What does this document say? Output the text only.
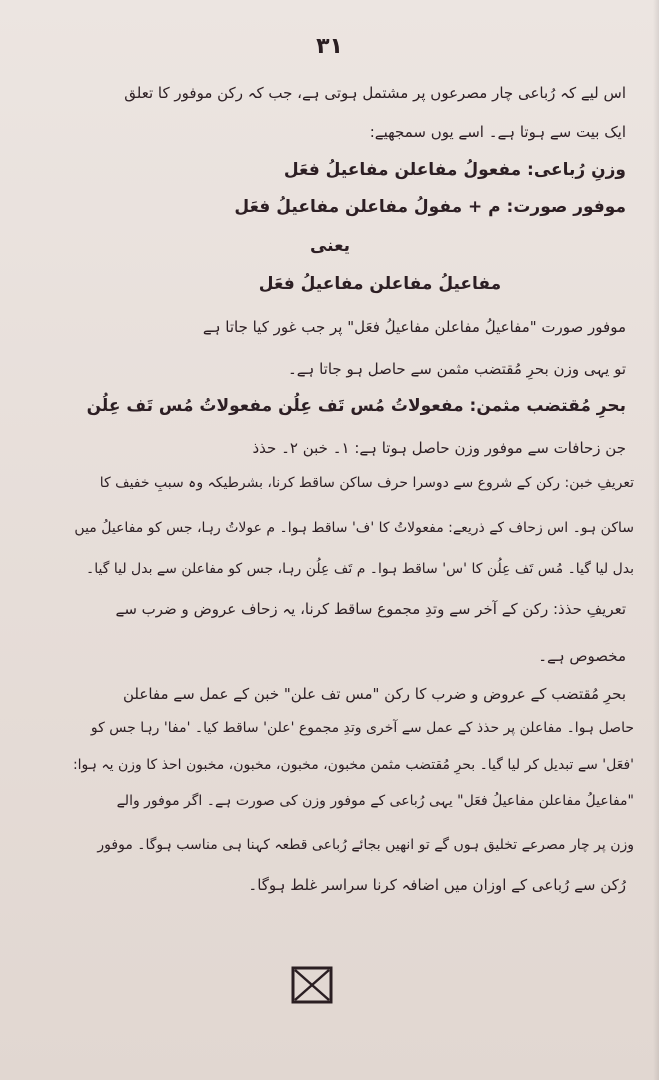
۳۱
اس لیے کہ رُباعی چار مصرعوں پر مشتمل ہوتی ہے، جب کہ رکن موفور کا تعلق
ایک بیت سے ہوتا ہے۔ اسے یوں سمجھیے:
وزنِ رُباعی: مفعولُ مفاعلن مفاعیلُ فعَل
موفور صورت: م + مفولُ مفاعلن مفاعیلُ فعَل
یعنی
مفاعیلُ مفاعلن مفاعیلُ فعَل
موفور صورت "مفاعیلُ مفاعلن مفاعیلُ فعَل" پر جب غور کیا جاتا ہے
تو یہی وزن بحرِ مُقتضب مثمن سے حاصل ہو جاتا ہے۔
بحرِ مُقتضب مثمن: مفعولاتُ مُس تَف عِلُن مفعولاتُ مُس تَف عِلُن
جن زحافات سے موفور وزن حاصل ہوتا ہے: ۱۔ خبن ۲۔ حذذ
تعریفِ خبن: رکن کے شروع سے دوسرا حرف ساکن ساقط کرنا، بشرطیکہ وہ سببِ خفیف کا
ساکن ہو۔ اس زحاف کے ذریعے: مفعولاتُ کا 'ف' ساقط ہوا۔ م عولاتُ رہا، جس کو مفاعیلُ میں
بدل لیا گیا۔ مُس تَف عِلُن کا 'س' ساقط ہوا۔ م تَف عِلُن رہا، جس کو مفاعلن سے بدل لیا گیا۔
تعریفِ حذذ: رکن کے آخر سے وتدِ مجموع ساقط کرنا، یہ زحاف عروض و ضرب سے
مخصوص ہے۔
بحرِ مُقتضب کے عروض و ضرب کا رکن "مس تف علن" خبن کے عمل سے مفاعلن
حاصل ہوا۔ مفاعلن پر حذذ کے عمل سے آخری وتدِ مجموع 'علن' ساقط کیا۔ 'مفا' رہا جس کو
'فعَل' سے تبدیل کر لیا گیا۔ بحرِ مُقتضب مثمن مخبون، مخبون، مخبون، مخبون احذ کا وزن یہ ہوا:
"مفاعیلُ مفاعلن مفاعیلُ فعَل" یہی رُباعی کے موفور وزن کی صورت ہے۔ اگر موفور والے
وزن پر چار مصرعے تخلیق ہوں گے تو انھیں بجائے رُباعی قطعہ کہنا ہی مناسب ہوگا۔ موفور
رُکن سے رُباعی کے اوزان میں اضافہ کرنا سراسر غلط ہوگا۔
